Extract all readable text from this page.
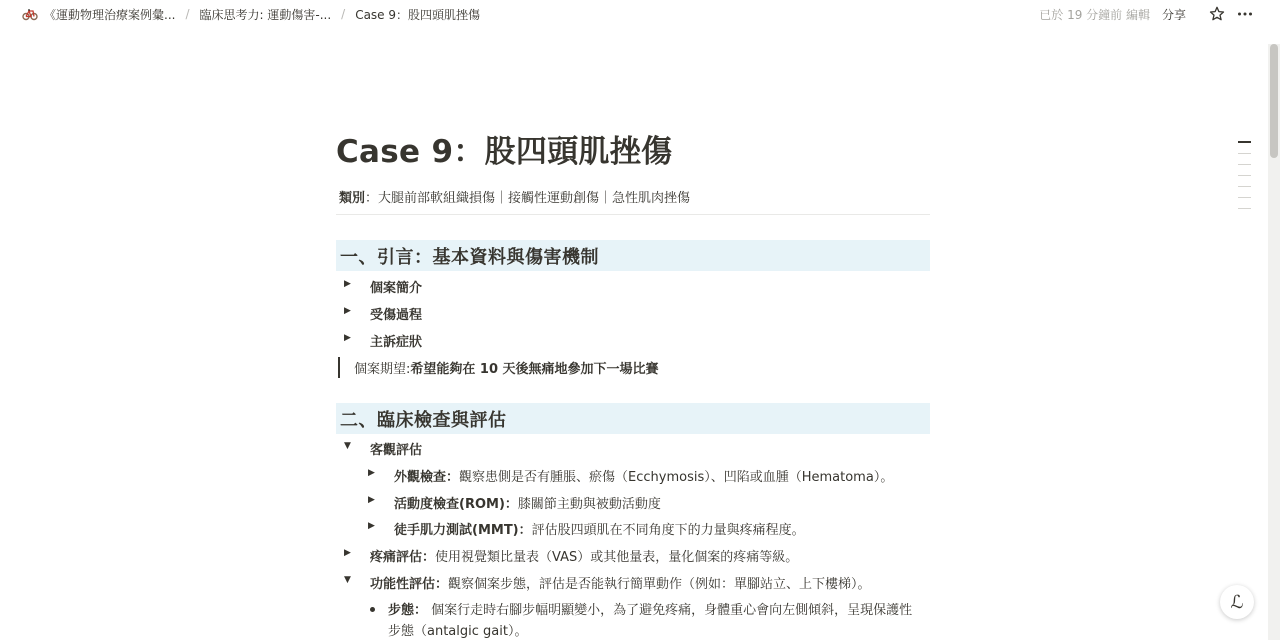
《運動物理治療案例彙... / 臨床思考力: 運動傷害-... / Case 9：股四頭肌挫傷	已於 19 分鐘前 編輯 分享
Case 9：股四頭肌挫傷
類別：大腿前部軟組織損傷｜接觸性運動創傷｜急性肌肉挫傷
一、引言：基本資料與傷害機制
▶	個案簡介
▶	受傷過程
▶	主訴症狀
個案期望: 希望能夠在 10 天後無痛地參加下一場比賽
二、臨床檢查與評估
▼	客觀評估
▶	外觀檢查： 觀察患側是否有腫脹、瘀傷（Ecchymosis）、凹陷或血腫（Hematoma）。
▶	活動度檢查(ROM)： 膝關節主動與被動活動度
▶	徒手肌力測試(MMT)： 評估股四頭肌在不同角度下的力量與疼痛程度。
▶	疼痛評估： 使用視覺類比量表（VAS）或其他量表，量化個案的疼痛等級。
▼	功能性評估： 觀察個案步態，評估是否能執行簡單動作（例如：單腳站立、上下樓梯）。
步態： 個案行走時右腳步幅明顯變小，為了避免疼痛，身體重心會向左側傾斜，呈現保護性
步態（antalgic gait）。
ℒ
